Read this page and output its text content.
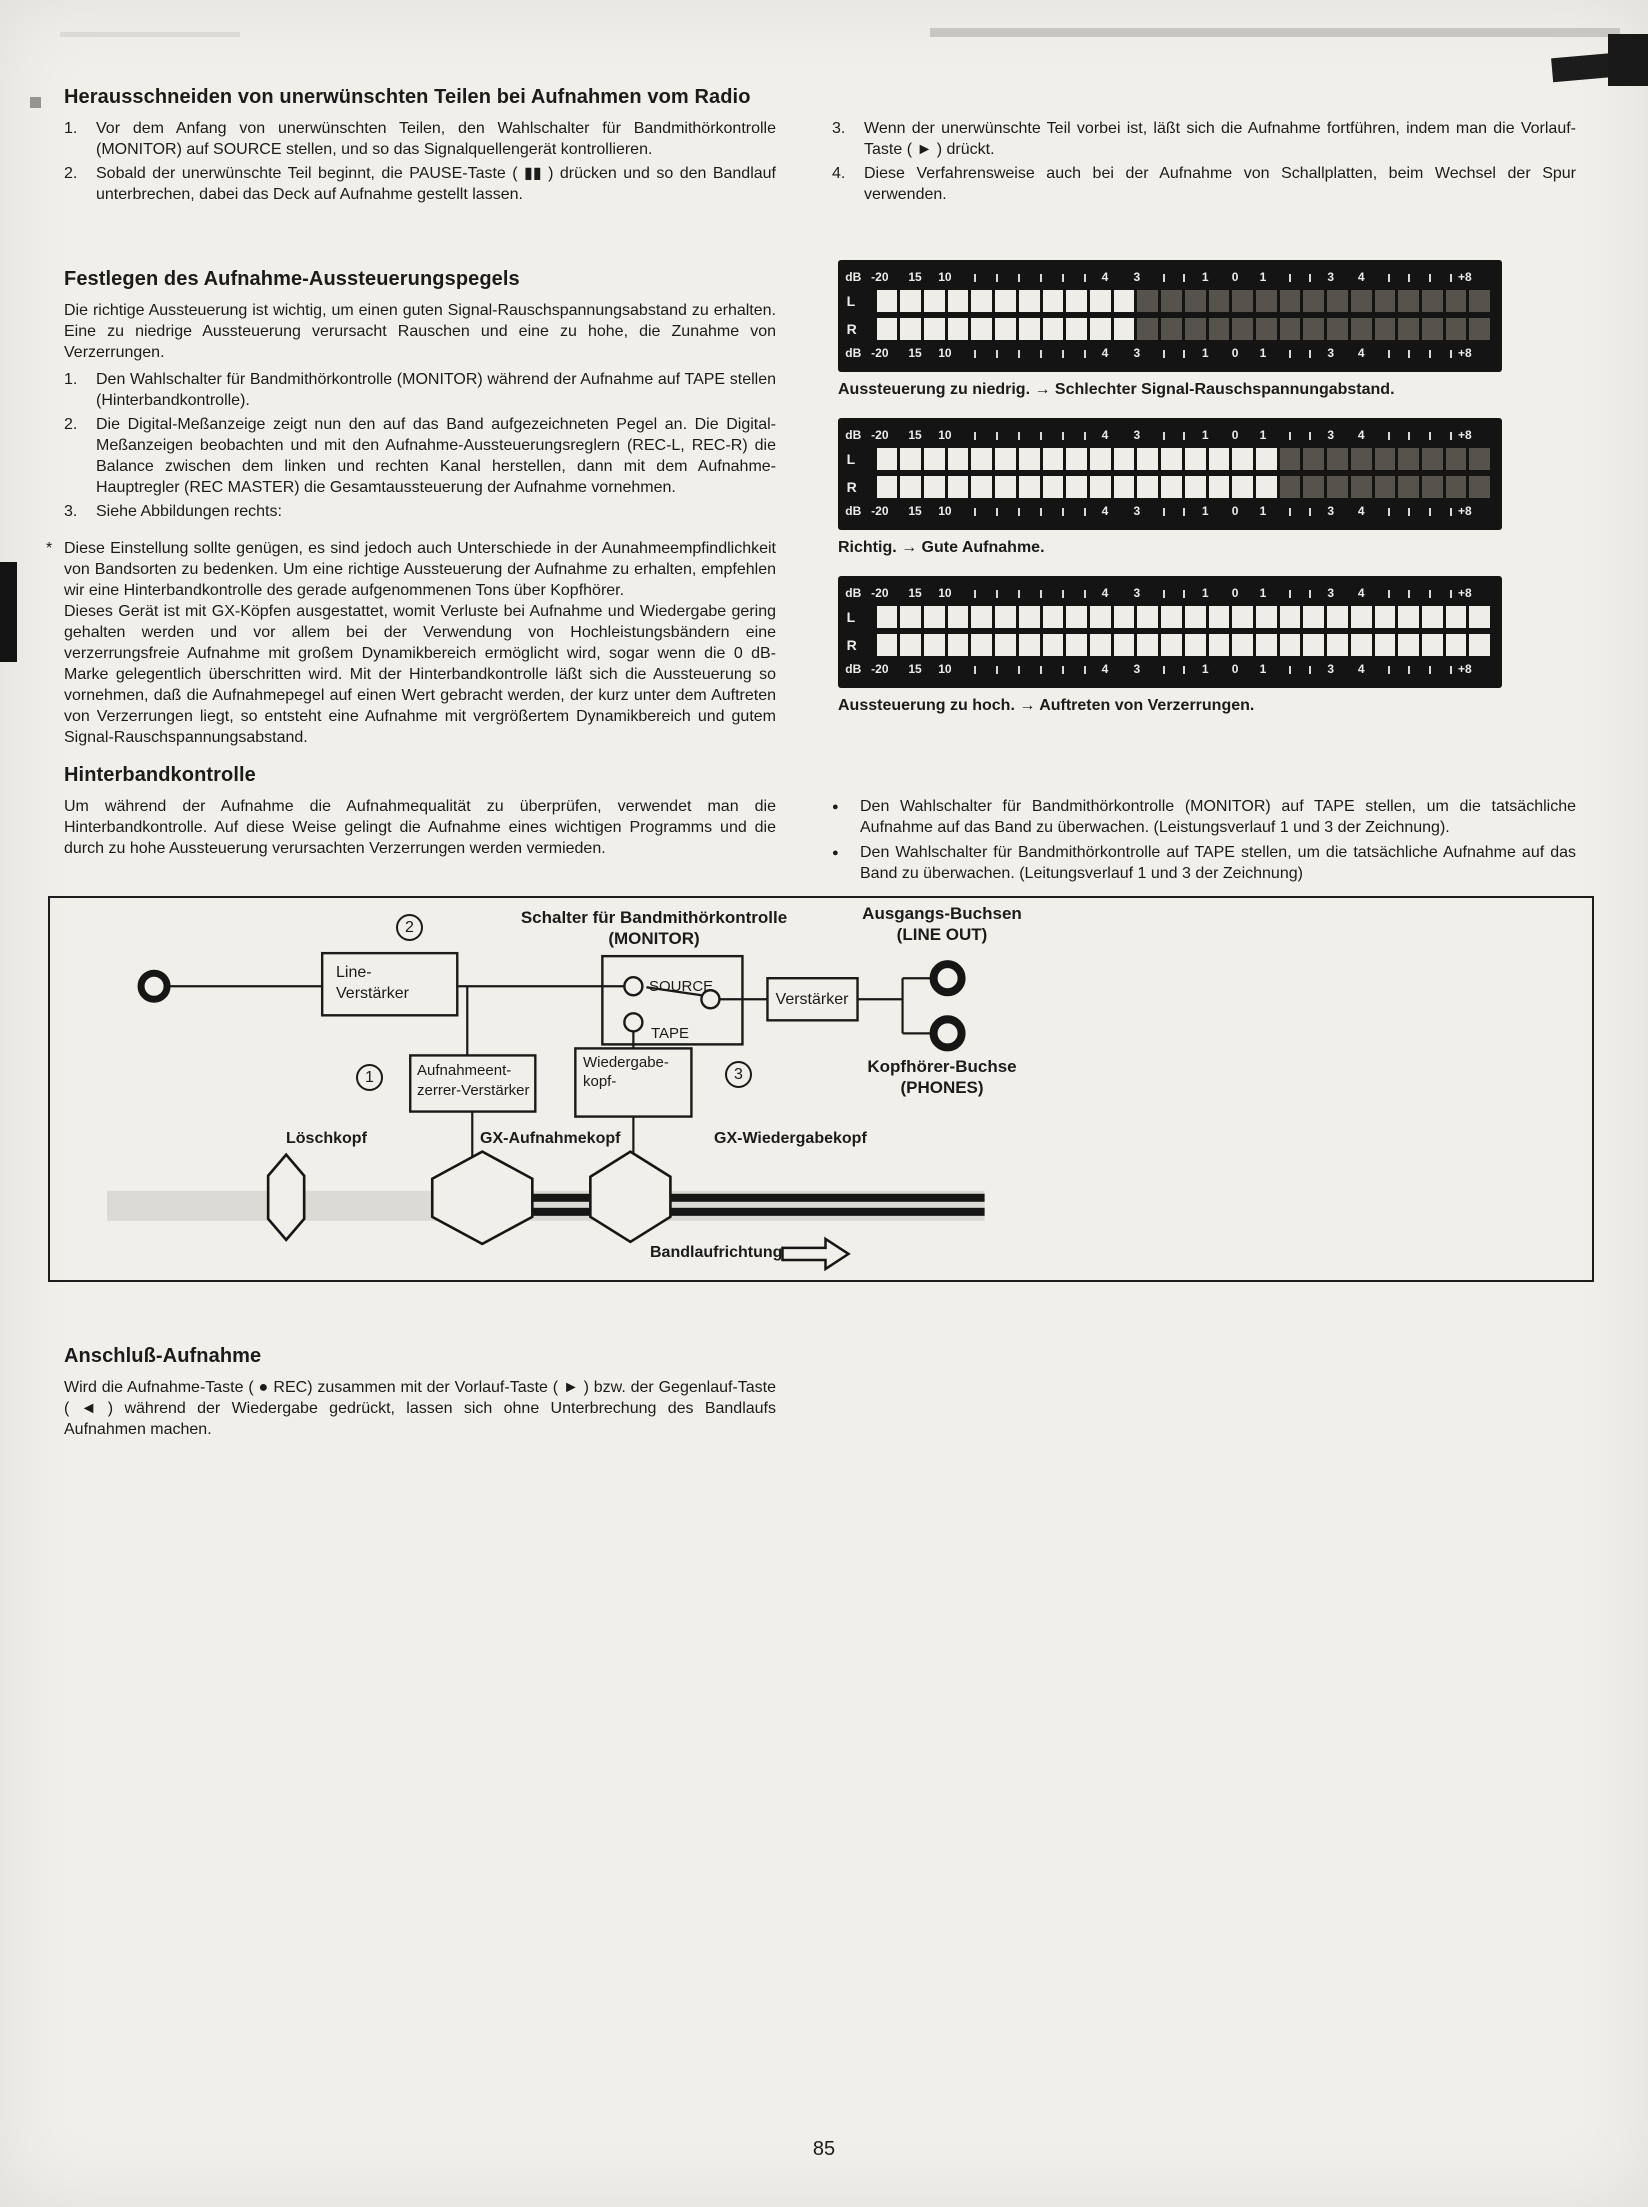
Herausschneiden von unerwünschten Teilen bei Aufnahmen vom Radio
1.	Vor dem Anfang von unerwünschten Teilen, den Wahlschalter für Bandmithörkontrolle (MONITOR) auf SOURCE stellen, und so das Signalquellengerät kontrollieren.
2.	Sobald der unerwünschte Teil beginnt, die PAUSE-Taste ( ▮▮ ) drücken und so den Bandlauf unterbrechen, dabei das Deck auf Aufnahme gestellt lassen.
3.	Wenn der unerwünschte Teil vorbei ist, läßt sich die Aufnahme fortführen, indem man die Vorlauf-Taste ( ► ) drückt.
4.	Diese Verfahrensweise auch bei der Aufnahme von Schallplatten, beim Wechsel der Spur verwenden.
Festlegen des Aufnahme-Aussteuerungspegels
Die richtige Aussteuerung ist wichtig, um einen guten Signal-Rauschspannungsabstand zu erhalten. Eine zu niedrige Aussteuerung verursacht Rauschen und eine zu hohe, die Zunahme von Verzerrungen.
1.	Den Wahlschalter für Bandmithörkontrolle (MONITOR) während der Aufnahme auf TAPE stellen (Hinterbandkontrolle).
2.	Die Digital-Meßanzeige zeigt nun den auf das Band aufgezeichneten Pegel an. Die Digital-Meßanzeigen beobachten und mit den Aufnahme-Aussteuerungsreglern (REC-L, REC-R) die Balance zwischen dem linken und rechten Kanal herstellen, dann mit dem Aufnahme-Hauptregler (REC MASTER) die Gesamtaussteuerung der Aufnahme vornehmen.
3.	Siehe Abbildungen rechts:
* Diese Einstellung sollte genügen, es sind jedoch auch Unterschiede in der Aunahmeempfindlichkeit von Bandsorten zu bedenken. Um eine richtige Aussteuerung der Aufnahme zu erhalten, empfehlen wir eine Hinterbandkontrolle des gerade aufgenommenen Tons über Kopfhörer.
Dieses Gerät ist mit GX-Köpfen ausgestattet, womit Verluste bei Aufnahme und Wiedergabe gering gehalten werden und vor allem bei der Verwendung von Hochleistungsbändern eine verzerrungsfreie Aufnahme mit großem Dynamikbereich ermöglicht wird, sogar wenn die 0 dB-Marke gelegentlich überschritten wird. Mit der Hinterbandkontrolle läßt sich die Aussteuerung so vornehmen, daß die Aufnahmepegel auf einen Wert gebracht werden, der kurz unter dem Auftreten von Verzerrungen liegt, so entsteht eine Aufnahme mit vergrößertem Dynamikbereich und gutem Signal-Rauschspannungsabstand.
dB -20 15 10	4 3	1 0 1	3 4	+8
L
R
dB -20 15 10	4 3	1 0 1	3 4	+8
Aussteuerung zu niedrig. → Schlechter Signal-Rauschspannungabstand.
dB -20 15 10	4 3	1 0 1	3 4	+8
L
R
dB -20 15 10	4 3	1 0 1	3 4	+8
Richtig. → Gute Aufnahme.
dB -20 15 10	4 3	1 0 1	3 4	+8
L
R
dB -20 15 10	4 3	1 0 1	3 4	+8
Aussteuerung zu hoch. → Auftreten von Verzerrungen.
Hinterbandkontrolle
Um während der Aufnahme die Aufnahmequalität zu überprüfen, verwendet man die Hinterbandkontrolle. Auf diese Weise gelingt die Aufnahme eines wichtigen Programms und die durch zu hohe Aussteuerung verursachten Verzerrungen werden vermieden.
●	Den Wahlschalter für Bandmithörkontrolle (MONITOR) auf TAPE stellen, um die tatsächliche Aufnahme auf das Band zu überwachen. (Leistungsverlauf 1 und 3 der Zeichnung).
●	Den Wahlschalter für Bandmithörkontrolle auf TAPE stellen, um die tatsächliche Aufnahme auf das Band zu überwachen. (Leitungsverlauf 1 und 3 der Zeichnung)
2
1	3
Schalter für Bandmithörkontrolle
(MONITOR)
Ausgangs-Buchsen
(LINE OUT)
Kopfhörer-Buchse
(PHONES)
SOURCE
TAPE
Line-
Verstärker	Verstärker
Aufnahmeent-
zerrer-Verstärker
Wiedergabe-
kopf-
Löschkopf	GX-Aufnahmekopf	GX-Wiedergabekopf
Bandlaufrichtung
Anschluß-Aufnahme
Wird die Aufnahme-Taste ( ● REC) zusammen mit der Vorlauf-Taste ( ► ) bzw. der Gegenlauf-Taste ( ◄ ) während der Wiedergabe gedrückt, lassen sich ohne Unterbrechung des Bandlaufs Aufnahmen machen.
85
